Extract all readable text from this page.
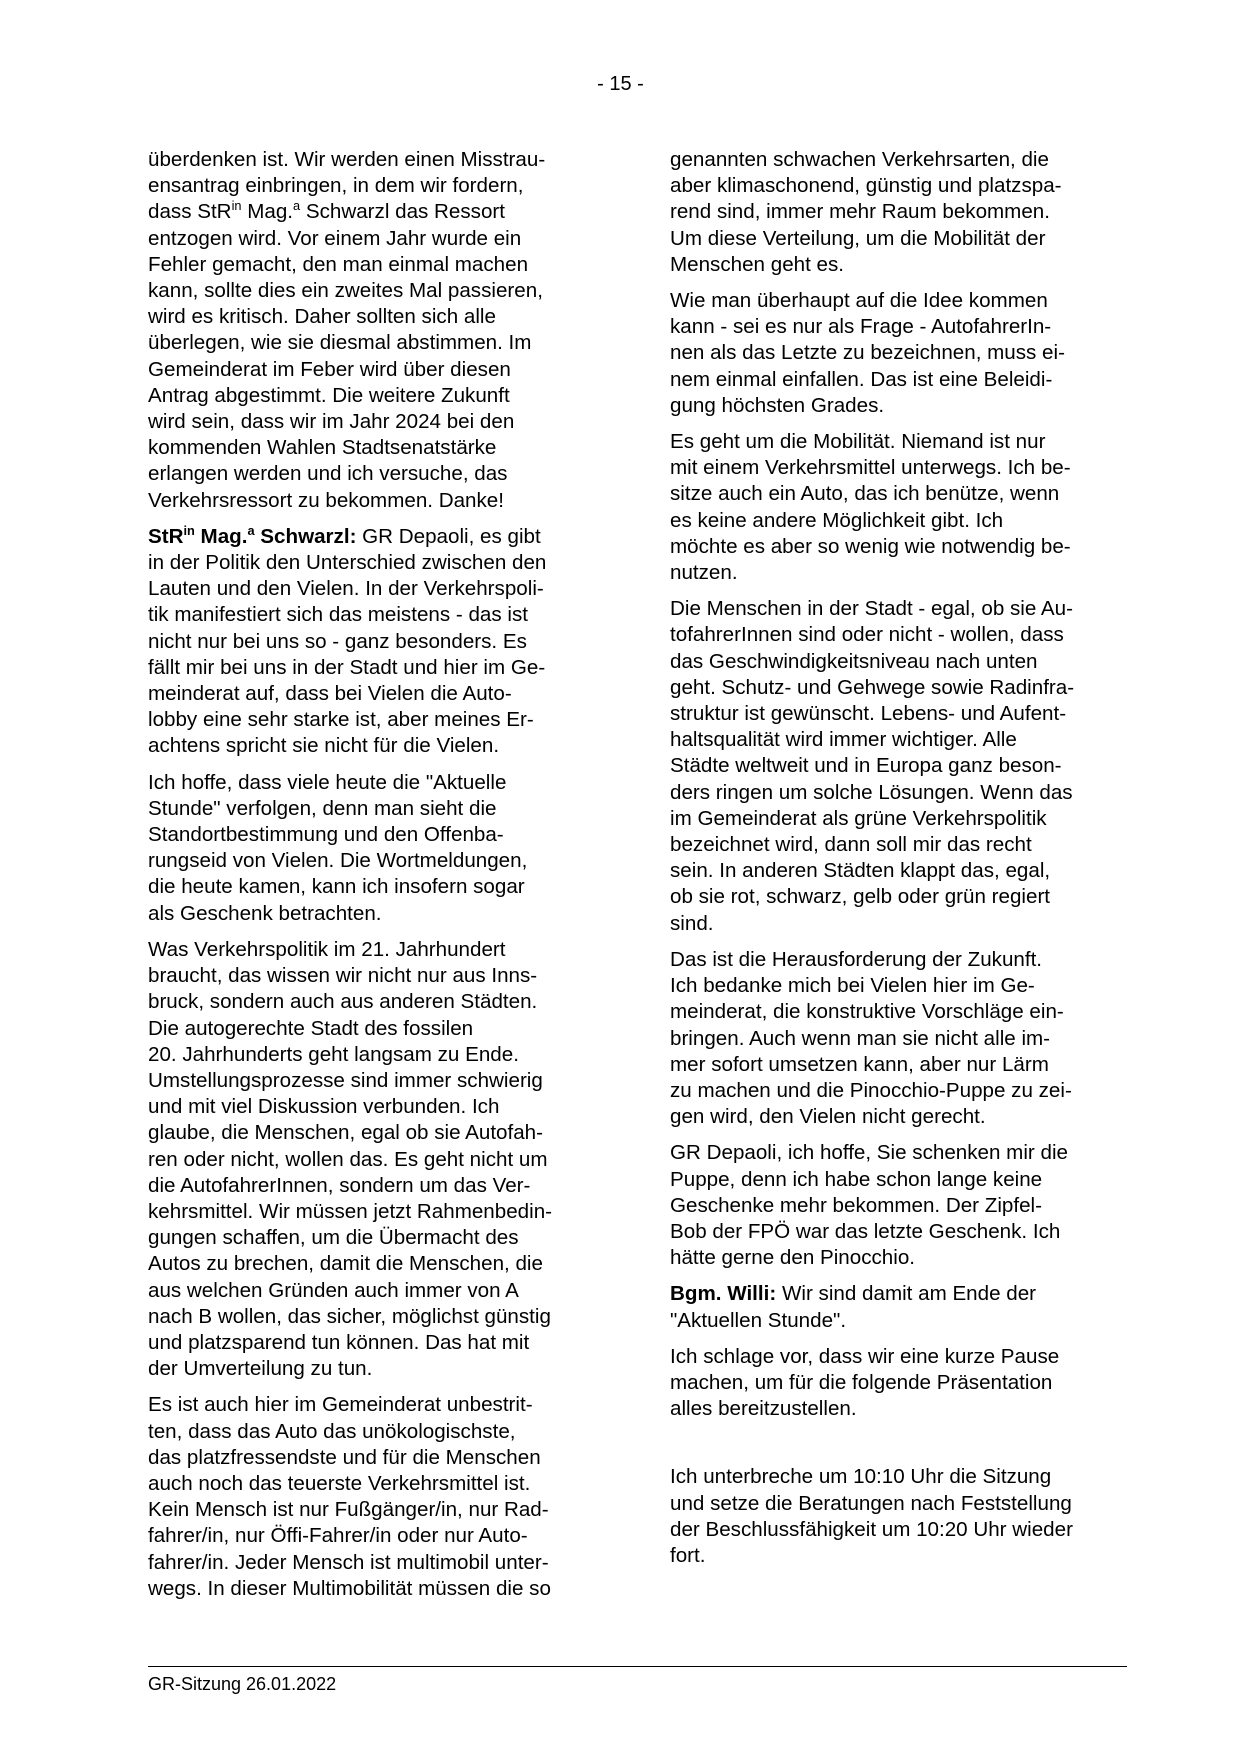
- 15 -

überdenken ist. Wir werden einen Misstrau-
ensantrag einbringen, in dem wir fordern,
dass StR$^{in}$ Mag.$^a$ Schwarzl das Ressort
entzogen wird. Vor einem Jahr wurde ein
Fehler gemacht, den man einmal machen
kann, sollte dies ein zweites Mal passieren,
wird es kritisch. Daher sollten sich alle
überlegen, wie sie diesmal abstimmen. Im
Gemeinderat im Feber wird über diesen
Antrag abgestimmt. Die weitere Zukunft
wird sein, dass wir im Jahr 2024 bei den
kommenden Wahlen Stadtsenatstärke
erlangen werden und ich versuche, das
Verkehrsressort zu bekommen. Danke!

StR$^{in}$ Mag.$^a$ Schwarzl: GR Depaoli, es gibt
in der Politik den Unterschied zwischen den
Lauten und den Vielen. In der Verkehrspoli-
tik manifestiert sich das meistens - das ist
nicht nur bei uns so - ganz besonders. Es
fällt mir bei uns in der Stadt und hier im Ge-
meinderat auf, dass bei Vielen die Auto-
lobby eine sehr starke ist, aber meines Er-
achtens spricht sie nicht für die Vielen.

Ich hoffe, dass viele heute die "Aktuelle
Stunde" verfolgen, denn man sieht die
Standortbestimmung und den Offenba-
rungseid von Vielen. Die Wortmeldungen,
die heute kamen, kann ich insofern sogar
als Geschenk betrachten.

Was Verkehrspolitik im 21. Jahrhundert
braucht, das wissen wir nicht nur aus Inns-
bruck, sondern auch aus anderen Städten.
Die autogerechte Stadt des fossilen
20. Jahrhunderts geht langsam zu Ende.
Umstellungsprozesse sind immer schwierig
und mit viel Diskussion verbunden. Ich
glaube, die Menschen, egal ob sie Autofah-
ren oder nicht, wollen das. Es geht nicht um
die AutofahrerInnen, sondern um das Ver-
kehrsmittel. Wir müssen jetzt Rahmenbedin-
gungen schaffen, um die Übermacht des
Autos zu brechen, damit die Menschen, die
aus welchen Gründen auch immer von A
nach B wollen, das sicher, möglichst günstig
und platzsparend tun können. Das hat mit
der Umverteilung zu tun.

Es ist auch hier im Gemeinderat unbestrit-
ten, dass das Auto das unökologischste,
das platzfressendste und für die Menschen
auch noch das teuerste Verkehrsmittel ist.
Kein Mensch ist nur Fußgänger/in, nur Rad-
fahrer/in, nur Öffi-Fahrer/in oder nur Auto-
fahrer/in. Jeder Mensch ist multimobil unter-
wegs. In dieser Multimobilität müssen die so

genannten schwachen Verkehrsarten, die
aber klimaschonend, günstig und platzspa-
rend sind, immer mehr Raum bekommen.
Um diese Verteilung, um die Mobilität der
Menschen geht es.

Wie man überhaupt auf die Idee kommen
kann - sei es nur als Frage - AutofahrerIn-
nen als das Letzte zu bezeichnen, muss ei-
nem einmal einfallen. Das ist eine Beleidi-
gung höchsten Grades.

Es geht um die Mobilität. Niemand ist nur
mit einem Verkehrsmittel unterwegs. Ich be-
sitze auch ein Auto, das ich benütze, wenn
es keine andere Möglichkeit gibt. Ich
möchte es aber so wenig wie notwendig be-
nutzen.

Die Menschen in der Stadt - egal, ob sie Au-
tofahrerInnen sind oder nicht - wollen, dass
das Geschwindigkeitsniveau nach unten
geht. Schutz- und Gehwege sowie Radinfra-
struktur ist gewünscht. Lebens- und Aufent-
haltsqualität wird immer wichtiger. Alle
Städte weltweit und in Europa ganz beson-
ders ringen um solche Lösungen. Wenn das
im Gemeinderat als grüne Verkehrspolitik
bezeichnet wird, dann soll mir das recht
sein. In anderen Städten klappt das, egal,
ob sie rot, schwarz, gelb oder grün regiert
sind.

Das ist die Herausforderung der Zukunft.
Ich bedanke mich bei Vielen hier im Ge-
meinderat, die konstruktive Vorschläge ein-
bringen. Auch wenn man sie nicht alle im-
mer sofort umsetzen kann, aber nur Lärm
zu machen und die Pinocchio-Puppe zu zei-
gen wird, den Vielen nicht gerecht.

GR Depaoli, ich hoffe, Sie schenken mir die
Puppe, denn ich habe schon lange keine
Geschenke mehr bekommen. Der Zipfel-
Bob der FPÖ war das letzte Geschenk. Ich
hätte gerne den Pinocchio.

Bgm. Willi: Wir sind damit am Ende der
"Aktuellen Stunde".

Ich schlage vor, dass wir eine kurze Pause
machen, um für die folgende Präsentation
alles bereitzustellen.

Ich unterbreche um 10:10 Uhr die Sitzung
und setze die Beratungen nach Feststellung
der Beschlussfähigkeit um 10:20 Uhr wieder
fort.

GR-Sitzung 26.01.2022
